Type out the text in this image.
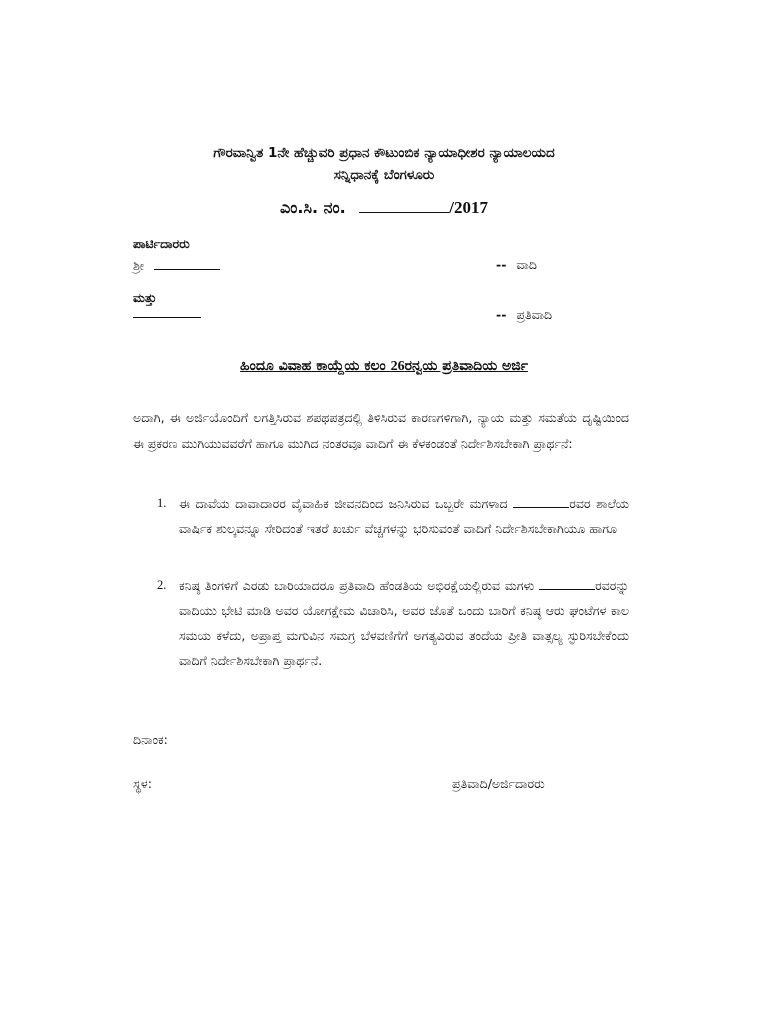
ಗೌರವಾನ್ವಿತ 1ನೇ ಹೆಚ್ಚುವರಿ ಪ್ರಧಾನ ಕೌಟುಂಬಿಕ ನ್ಯಾಯಾಧೀಶರ ನ್ಯಾಯಾಲಯದ
ಸನ್ನಿಧಾನಕ್ಕೆ ಬೆಂಗಳೂರು
ಎಂ.ಸಿ. ನಂ.	/2017
ಪಾರ್ಟಿದಾರರು
ಶ್ರೀ	-- ವಾದಿ
ಮತ್ತು
-- ಪ್ರತಿವಾದಿ
ಹಿಂದೂ ವಿವಾಹ ಕಾಯ್ದೆಯ ಕಲಂ 26ರನ್ವಯ ಪ್ರತಿವಾದಿಯ ಅರ್ಜಿ

ಅದಾಗಿ, ಈ ಅರ್ಜಿಯೊಂದಿಗೆ ಲಗತ್ತಿಸಿರುವ ಶಪಥಪತ್ರದಲ್ಲಿ ತಿಳಿಸಿರುವ ಕಾರಣಗಳಿಗಾಗಿ, ನ್ಯಾಯ ಮತ್ತು ಸಮತೆಯ ದೃಷ್ಟಿಯಿಂದ ಈ ಪ್ರಕರಣ ಮುಗಿಯುವವರೆಗೆ ಹಾಗೂ ಮುಗಿದ ನಂತರವೂ ವಾದಿಗೆ ಈ ಕೆಳಕಂಡಂತೆ ನಿರ್ದೇಶಿಸಬೇಕಾಗಿ ಪ್ರಾರ್ಥನೆ:

1. ಈ ದಾವೆಯ ದಾವಾದಾರರ ವೈವಾಹಿಕ ಜೀವನದಿಂದ ಜನಿಸಿರುವ ಒಬ್ಬರೇ ಮಗಳಾದ	ರವರ ಶಾಲೆಯ ವಾರ್ಷಿಕ ಶುಲ್ಕವನ್ನೂ ಸೇರಿದಂತೆ ಇತರೆ ಖರ್ಚು ವೆಚ್ಚಗಳನ್ನು ಭರಿಸುವಂತೆ ವಾದಿಗೆ ನಿರ್ದೇಶಿಸಬೇಕಾಗಿಯೂ ಹಾಗೂ
2. ಕನಿಷ್ಠ ತಿಂಗಳಿಗೆ ಎರಡು ಬಾರಿಯಾದರೂ ಪ್ರತಿವಾದಿ ಹೆಂಡತಿಯ ಅಭಿರಕ್ಷೆಯಲ್ಲಿರುವ ಮಗಳು	ರವರನ್ನು ವಾದಿಯು ಭೇಟಿ ಮಾಡಿ ಅವರ ಯೋಗಕ್ಷೇಮ ವಿಚಾರಿಸಿ, ಅವರ ಜೊತೆ ಒಂದು ಬಾರಿಗೆ ಕನಿಷ್ಠ ಆರು ಘಂಟೆಗಳ ಕಾಲ ಸಮಯ ಕಳೆದು, ಅಪ್ರಾಪ್ತ ಮಗುವಿನ ಸಮಗ್ರ ಬೆಳವಣಿಗೆಗೆ ಅಗತ್ಯವಿರುವ ತಂದೆಯ ಪ್ರೀತಿ ವಾತ್ಸಲ್ಯ ಸ್ಫುರಿಸಬೇಕೆಂದು ವಾದಿಗೆ ನಿರ್ದೇಶಿಸಬೇಕಾಗಿ ಪ್ರಾರ್ಥನೆ.
ದಿನಾಂಕ:
ಸ್ಥಳ:	ಪ್ರತಿವಾದಿ/ಅರ್ಜಿದಾರರು
